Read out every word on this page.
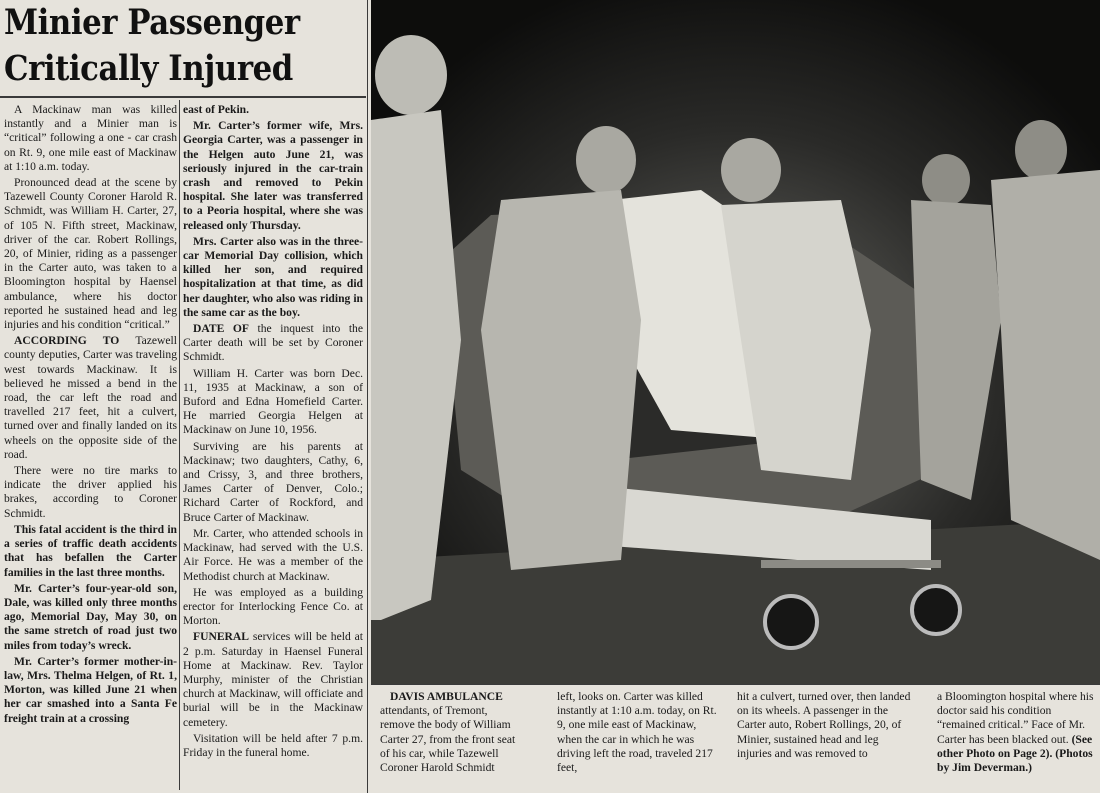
Minier Passenger
Critically Injured

A Mackinaw man was killed instantly and a Minier man is “critical” following a one - car crash on Rt. 9, one mile east of Mackinaw at 1:10 a.m. today.

Pronounced dead at the scene by Tazewell County Coroner Harold R. Schmidt, was William H. Carter, 27, of 105 N. Fifth street, Mackinaw, driver of the car. Robert Rollings, 20, of Minier, riding as a passenger in the Carter auto, was taken to a Bloomington hospital by Haensel ambulance, where his doctor reported he sustained head and leg injuries and his condition “critical.”

ACCORDING TO Tazewell county deputies, Carter was traveling west towards Mackinaw. It is believed he missed a bend in the road, the car left the road and travelled 217 feet, hit a culvert, turned over and finally landed on its wheels on the opposite side of the road.

There were no tire marks to indicate the driver applied his brakes, according to Coroner Schmidt.

This fatal accident is the third in a series of traffic death accidents that has befallen the Carter families in the last three months.

Mr. Carter’s four-year-old son, Dale, was killed only three months ago, Memorial Day, May 30, on the same stretch of road just two miles from today’s wreck.

Mr. Carter’s former mother-in-law, Mrs. Thelma Helgen, of Rt. 1, Morton, was killed June 21 when her car smashed into a Santa Fe freight train at a crossing

east of Pekin.

Mr. Carter’s former wife, Mrs. Georgia Carter, was a passenger in the Helgen auto June 21, was seriously injured in the car-train crash and removed to Pekin hospital. She later was transferred to a Peoria hospital, where she was released only Thursday.

Mrs. Carter also was in the three-car Memorial Day collision, which killed her son, and required hospitalization at that time, as did her daughter, who also was riding in the same car as the boy.

DATE OF the inquest into the Carter death will be set by Coroner Schmidt.

William H. Carter was born Dec. 11, 1935 at Mackinaw, a son of Buford and Edna Homefield Carter. He married Georgia Helgen at Mackinaw on June 10, 1956.

Surviving are his parents at Mackinaw; two daughters, Cathy, 6, and Crissy, 3, and three brothers, James Carter of Denver, Colo.; Richard Carter of Rockford, and Bruce Carter of Mackinaw.

Mr. Carter, who attended schools in Mackinaw, had served with the U.S. Air Force. He was a member of the Methodist church at Mackinaw.

He was employed as a building erector for Interlocking Fence Co. at Morton.

FUNERAL services will be held at 2 p.m. Saturday in Haensel Funeral Home at Mackinaw. Rev. Taylor Murphy, minister of the Christian church at Mackinaw, will officiate and burial will be in the Mackinaw cemetery.

Visitation will be held after 7 p.m. Friday in the funeral home.

DAVIS AMBULANCE attendants, of Tremont, remove the body of William Carter 27, from the front seat of his car, while Tazewell Coroner Harold Schmidt
left, looks on. Carter was killed instantly at 1:10 a.m. today, on Rt. 9, one mile east of Mackinaw, when the car in which he was driving left the road, traveled 217 feet,
hit a culvert, turned over, then landed on its wheels. A passenger in the Carter auto, Robert Rollings, 20, of Minier, sustained head and leg injuries and was removed to
a Bloomington hospital where his doctor said his condition “remained critical.” Face of Mr. Carter has been blacked out. (See other Photo on Page 2). (Photos by Jim Deverman.)
